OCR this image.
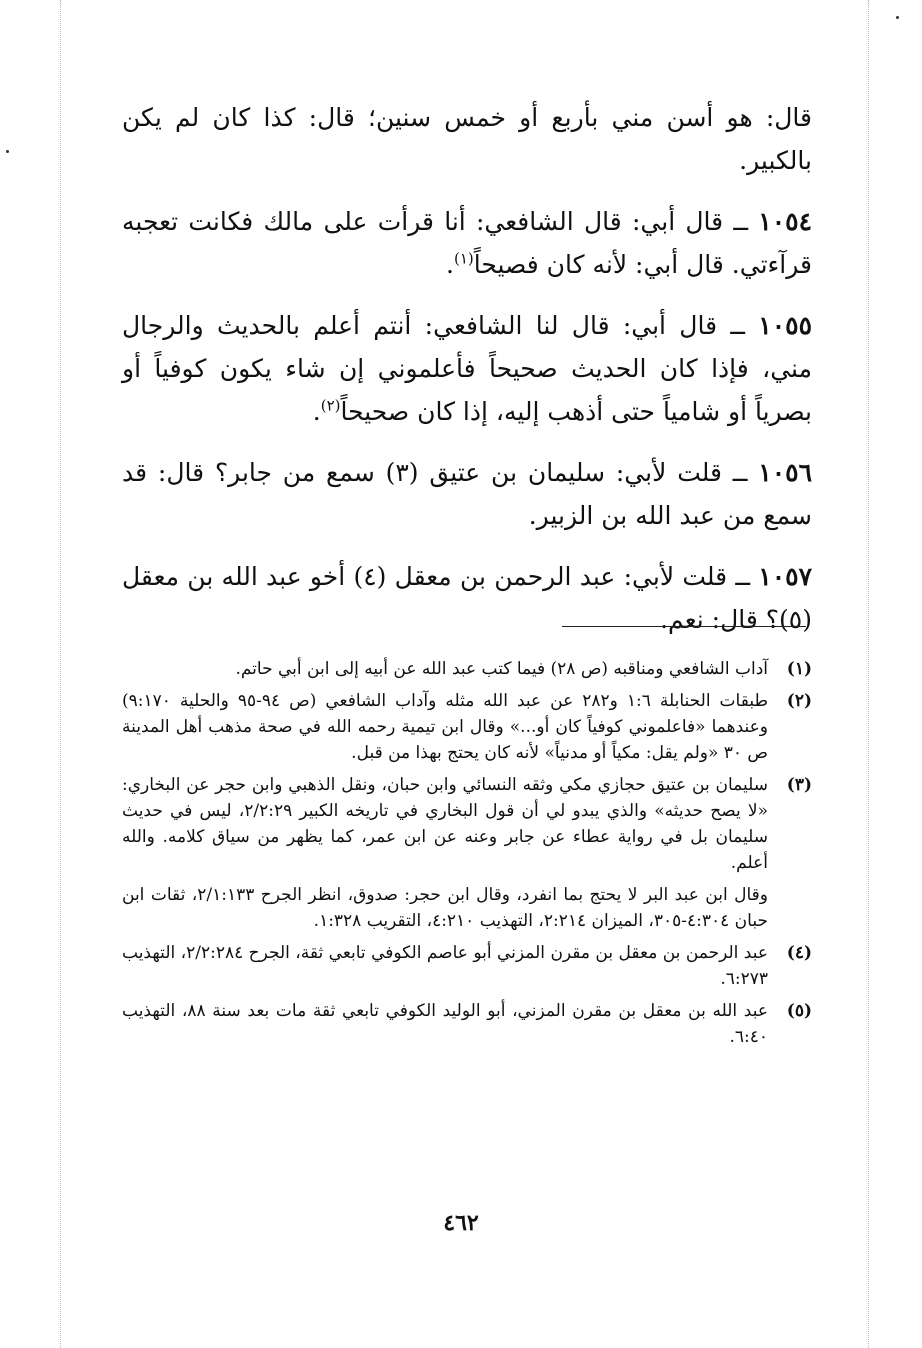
قال: هو أسن مني بأربع أو خمس سنين؛ قال: كذا كان لم يكن بالكبير.

١٠٥٤ ــ قال أبي: قال الشافعي: أنا قرأت على مالك فكانت تعجبه قرآءتي. قال أبي: لأنه كان فصيحاً$^{(١)}$.

١٠٥٥ ــ قال أبي: قال لنا الشافعي: أنتم أعلم بالحديث والرجال مني، فإذا كان الحديث صحيحاً فأعلموني إن شاء يكون كوفياً أو بصرياً أو شامياً حتى أذهب إليه، إذا كان صحيحاً$^{(٢)}$.

١٠٥٦ ــ قلت لأبي: سليمان بن عتيق (٣) سمع من جابر؟ قال: قد سمع من عبد الله بن الزبير.

١٠٥٧ ــ قلت لأبي: عبد الرحمن بن معقل (٤) أخو عبد الله بن معقل (٥)؟ قال: نعم.

(١)

آداب الشافعي ومناقبه (ص ٢٨) فيما كتب عبد الله عن أبيه إلى ابن أبي حاتم.

(٢)

طبقات الحنابلة ١:٦ و٢٨٢ عن عبد الله مثله وآداب الشافعي (ص ٩٤-٩٥ والحلية ٩:١٧٠) وعندهما «فاعلموني كوفياً كان أو...» وقال ابن تيمية رحمه الله في صحة مذهب أهل المدينة ص ٣٠ «ولم يقل: مكياً أو مدنياً» لأنه كان يحتج بهذا من قبل.

(٣)

سليمان بن عتيق حجازي مكي وثقه النسائي وابن حبان، ونقل الذهبي وابن حجر عن البخاري: «لا يصح حديثه» والذي يبدو لي أن قول البخاري في تاريخه الكبير ٢/٢:٢٩، ليس في حديث سليمان بل في رواية عطاء عن جابر وعنه عن ابن عمر، كما يظهر من سياق كلامه. والله أعلم.

وقال ابن عبد البر لا يحتج بما انفرد، وقال ابن حجر: صدوق، انظر الجرح ٢/١:١٣٣، ثقات ابن حبان ٤:٣٠٤-٣٠٥، الميزان ٢:٢١٤، التهذيب ٤:٢١٠، التقريب ١:٣٢٨.

(٤)

عبد الرحمن بن معقل بن مقرن المزني أبو عاصم الكوفي تابعي ثقة، الجرح ٢/٢:٢٨٤، التهذيب ٦:٢٧٣.

(٥)

عبد الله بن معقل بن مقرن المزني، أبو الوليد الكوفي تابعي ثقة مات بعد سنة ٨٨، التهذيب ٦:٤٠.

٤٦٢
